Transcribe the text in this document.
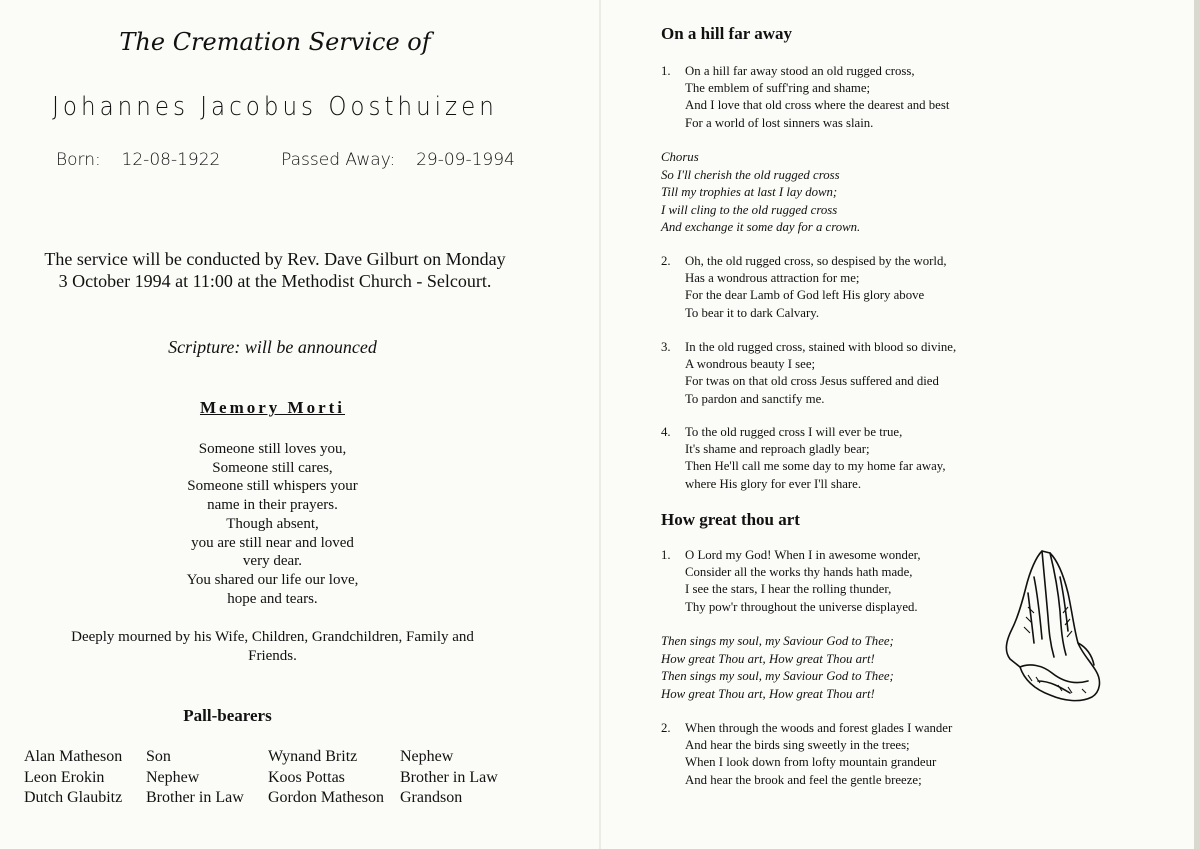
The Cremation Service of
Johannes Jacobus Oosthuizen
Born: 12-08-1922	Passed Away: 29-09-1994
The service will be conducted by Rev. Dave Gilburt on Monday
3 October 1994 at 11:00 at the Methodist Church - Selcourt.
Scripture: will be announced
Memory Morti
Someone still loves you,
Someone still cares,
Someone still whispers your
name in their prayers.
Though absent,
you are still near and loved
very dear.
You shared our life our love,
hope and tears.
Deeply mourned by his Wife, Children, Grandchildren, Family and
Friends.
Pall-bearers
Alan Matheson	Son	Wynand Britz	Nephew
Leon Erokin	Nephew	Koos Pottas	Brother in Law
Dutch Glaubitz	Brother in Law	Gordon Matheson	Grandson
On a hill far away
1. On a hill far away stood an old rugged cross,
The emblem of suff'ring and shame;
And I love that old cross where the dearest and best
For a world of lost sinners was slain.
Chorus
So I'll cherish the old rugged cross
Till my trophies at last I lay down;
I will cling to the old rugged cross
And exchange it some day for a crown.
2. Oh, the old rugged cross, so despised by the world,
Has a wondrous attraction for me;
For the dear Lamb of God left His glory above
To bear it to dark Calvary.
3. In the old rugged cross, stained with blood so divine,
A wondrous beauty I see;
For twas on that old cross Jesus suffered and died
To pardon and sanctify me.
4. To the old rugged cross I will ever be true,
It's shame and reproach gladly bear;
Then He'll call me some day to my home far away,
where His glory for ever I'll share.
How great thou art
1. O Lord my God! When I in awesome wonder,
Consider all the works thy hands hath made,
I see the stars, I hear the rolling thunder,
Thy pow'r throughout the universe displayed.
Then sings my soul, my Saviour God to Thee;
How great Thou art, How great Thou art!
Then sings my soul, my Saviour God to Thee;
How great Thou art, How great Thou art!
2. When through the woods and forest glades I wander
And hear the birds sing sweetly in the trees;
When I look down from lofty mountain grandeur
And hear the brook and feel the gentle breeze;
